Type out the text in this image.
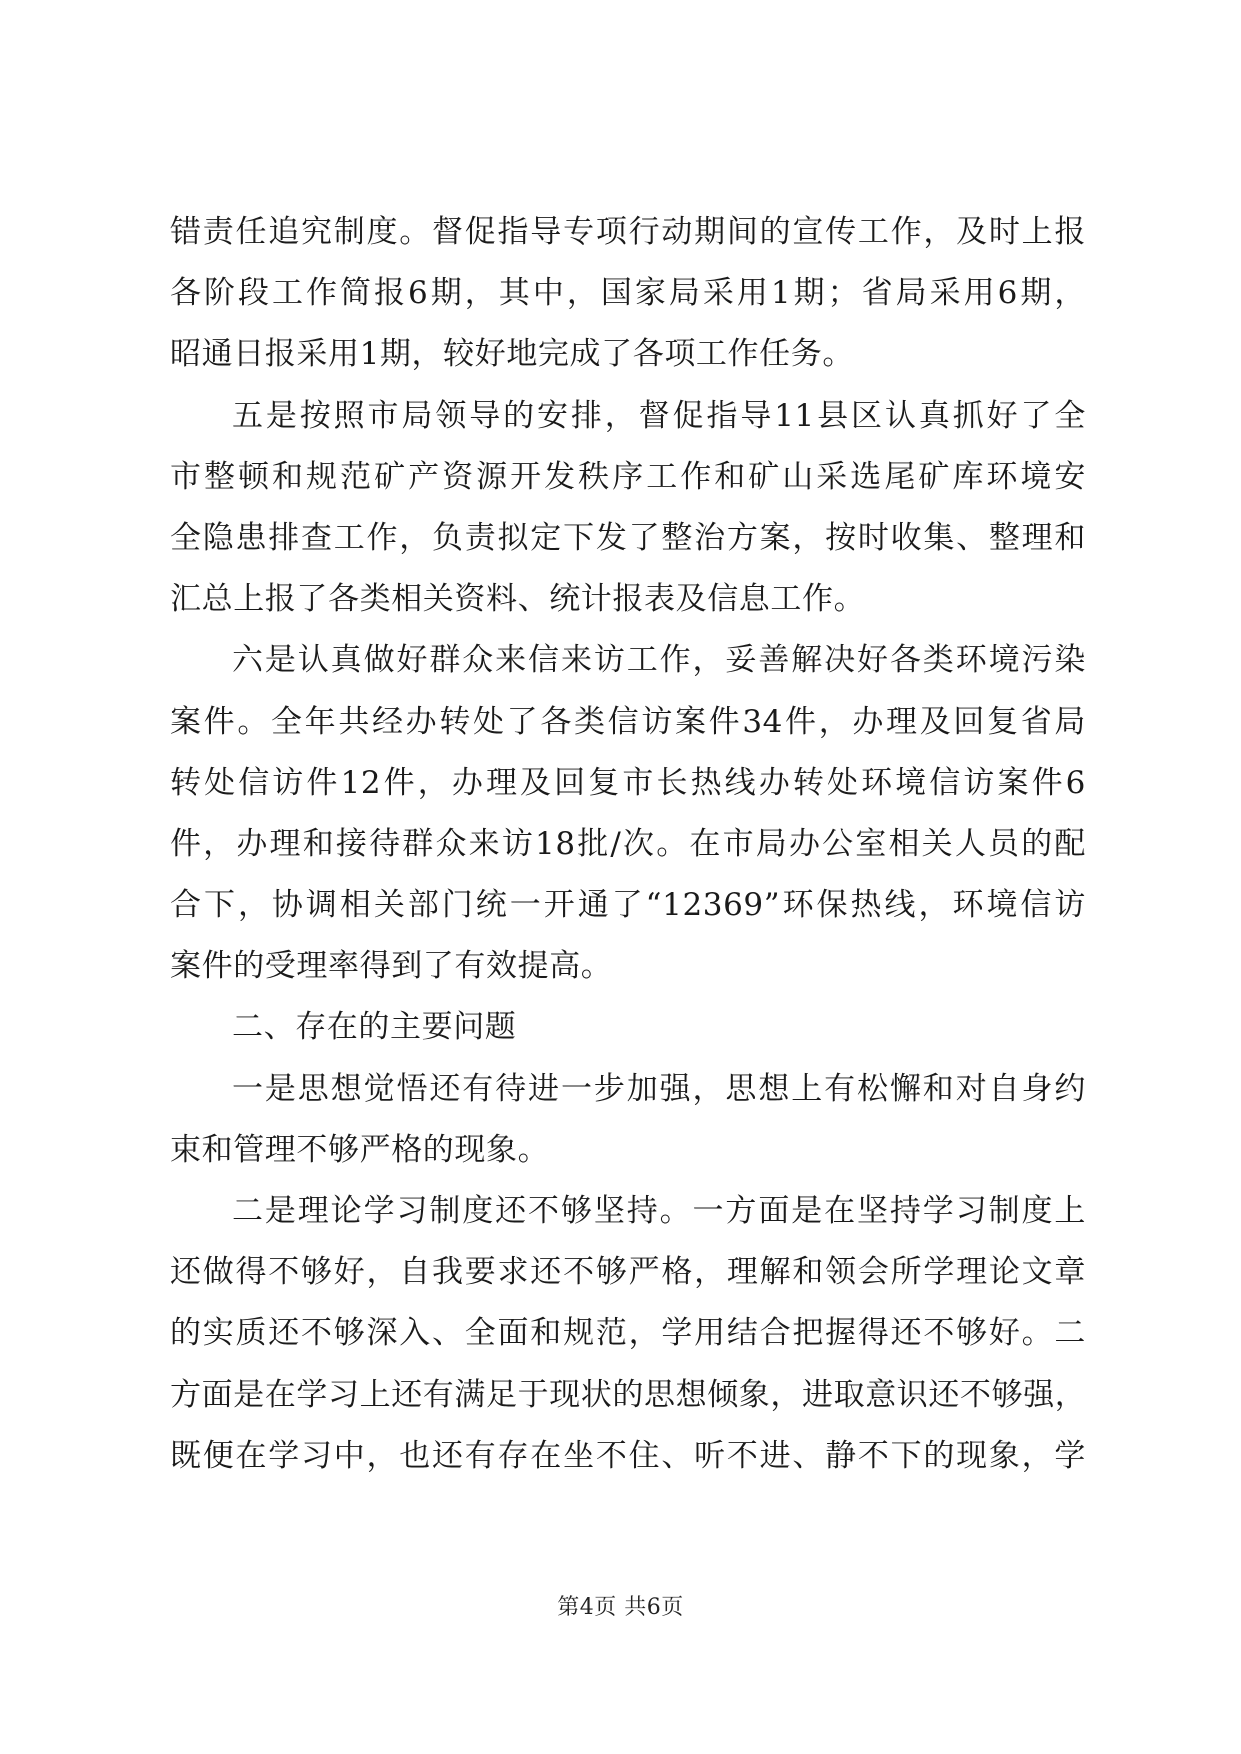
错责任追究制度。督促指导专项行动期间的宣传工作，及时上报
各阶段工作简报6期，其中，国家局采用1期；省局采用6期，
昭通日报采用1期，较好地完成了各项工作任务。
五是按照市局领导的安排，督促指导11县区认真抓好了全
市整顿和规范矿产资源开发秩序工作和矿山采选尾矿库环境安
全隐患排查工作，负责拟定下发了整治方案，按时收集、整理和
汇总上报了各类相关资料、统计报表及信息工作。
六是认真做好群众来信来访工作，妥善解决好各类环境污染
案件。全年共经办转处了各类信访案件34件，办理及回复省局
转处信访件12件，办理及回复市长热线办转处环境信访案件6
件，办理和接待群众来访18批/次。在市局办公室相关人员的配
合下，协调相关部门统一开通了“12369”环保热线，环境信访
案件的受理率得到了有效提高。
二、存在的主要问题
一是思想觉悟还有待进一步加强，思想上有松懈和对自身约
束和管理不够严格的现象。
二是理论学习制度还不够坚持。一方面是在坚持学习制度上
还做得不够好，自我要求还不够严格，理解和领会所学理论文章
的实质还不够深入、全面和规范，学用结合把握得还不够好。二
方面是在学习上还有满足于现状的思想倾象，进取意识还不够强，
既便在学习中，也还有存在坐不住、听不进、静不下的现象，学
第4页 共6页
